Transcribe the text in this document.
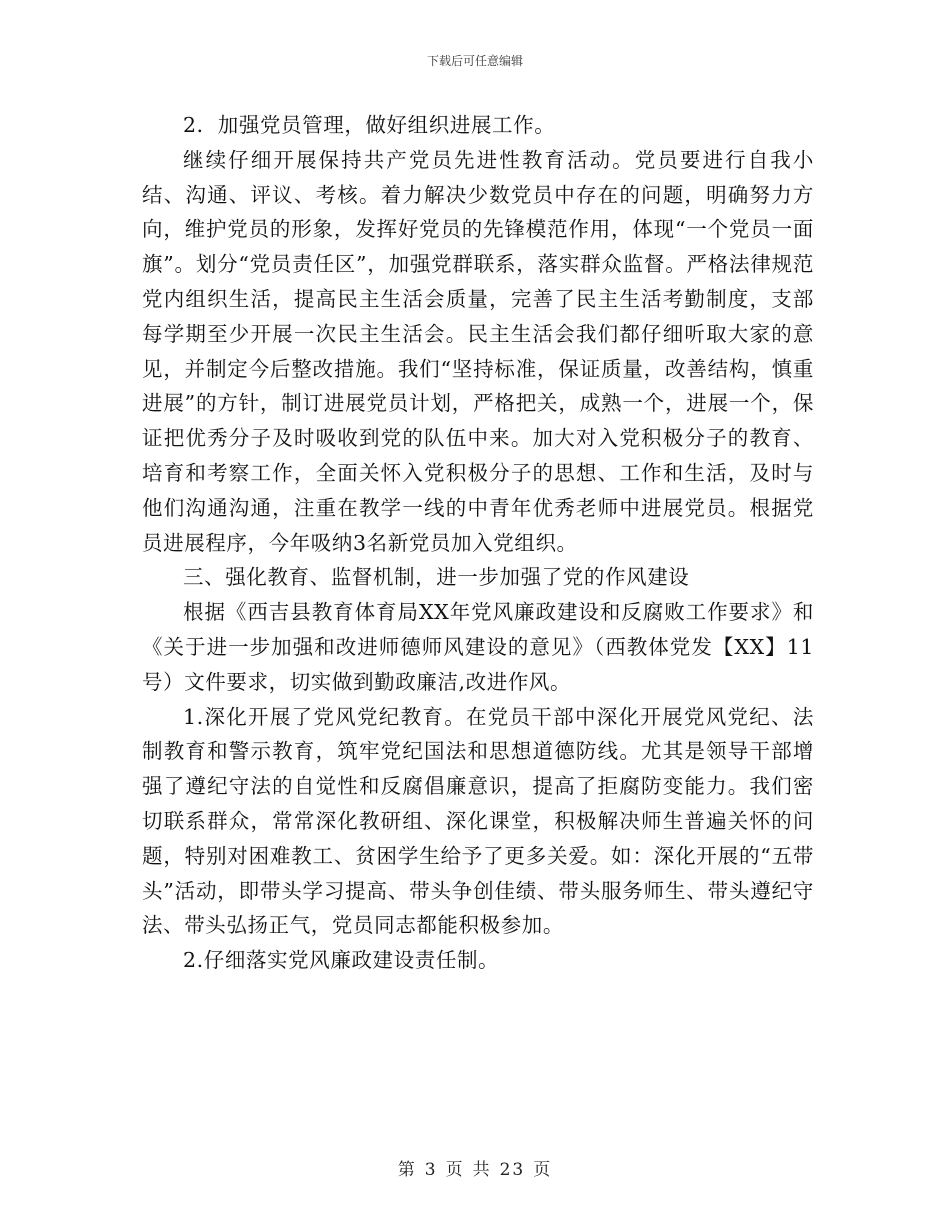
下载后可任意编辑

2．加强党员管理，做好组织进展工作。

继续仔细开展保持共产党员先进性教育活动。党员要进行自我小结、沟通、评议、考核。着力解决少数党员中存在的问题，明确努力方向，维护党员的形象，发挥好党员的先锋模范作用，体现“一个党员一面旗”。划分“党员责任区”，加强党群联系，落实群众监督。严格法律规范党内组织生活，提高民主生活会质量，完善了民主生活考勤制度，支部每学期至少开展一次民主生活会。民主生活会我们都仔细听取大家的意见，并制定今后整改措施。我们“坚持标准，保证质量，改善结构，慎重进展”的方针，制订进展党员计划，严格把关，成熟一个，进展一个，保证把优秀分子及时吸收到党的队伍中来。加大对入党积极分子的教育、培育和考察工作，全面关怀入党积极分子的思想、工作和生活，及时与他们沟通沟通，注重在教学一线的中青年优秀老师中进展党员。根据党员进展程序，今年吸纳3名新党员加入党组织。

三、强化教育、监督机制，进一步加强了党的作风建设

根据《西吉县教育体育局XX年党风廉政建设和反腐败工作要求》和《关于进一步加强和改进师德师风建设的意见》（西教体党发【XX】11号）文件要求，切实做到勤政廉洁,改进作风。

1.深化开展了党风党纪教育。在党员干部中深化开展党风党纪、法制教育和警示教育，筑牢党纪国法和思想道德防线。尤其是领导干部增强了遵纪守法的自觉性和反腐倡廉意识，提高了拒腐防变能力。我们密切联系群众，常常深化教研组、深化课堂，积极解决师生普遍关怀的问题，特别对困难教工、贫困学生给予了更多关爱。如：深化开展的“五带头”活动，即带头学习提高、带头争创佳绩、带头服务师生、带头遵纪守法、带头弘扬正气，党员同志都能积极参加。

2.仔细落实党风廉政建设责任制。

第 3 页 共 23 页
